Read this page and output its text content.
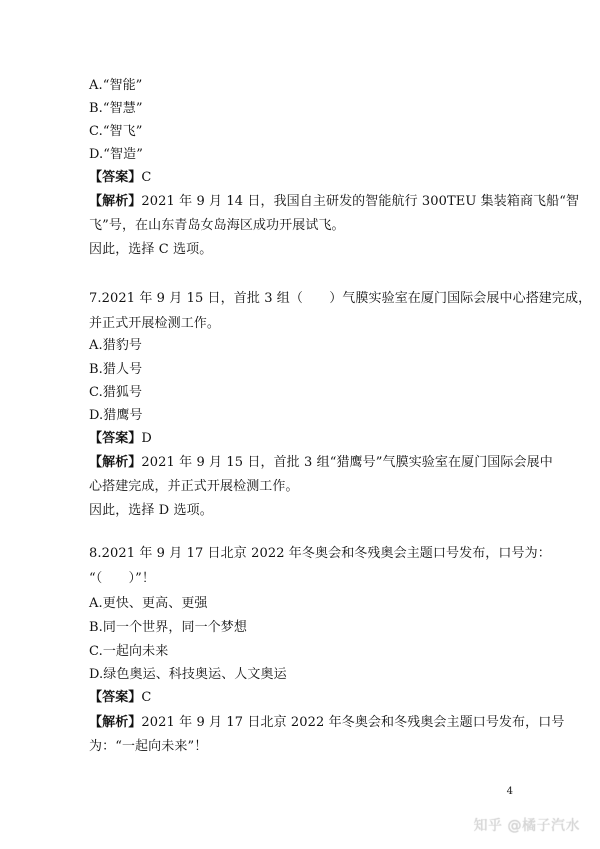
A.“智能”
B.“智慧”
C.“智飞”
D.“智造”
【答案】C
【解析】2021 年 9 月 14 日，我国自主研发的智能航行 300TEU 集装箱商飞船“智
飞”号，在山东青岛女岛海区成功开展试飞。
因此，选择 C 选项。
7.2021 年 9 月 15 日，首批 3 组（　　）气膜实验室在厦门国际会展中心搭建完成，
并正式开展检测工作。
A.猎豹号
B.猎人号
C.猎狐号
D.猎鹰号
【答案】D
【解析】2021 年 9 月 15 日，首批 3 组“猎鹰号”气膜实验室在厦门国际会展中
心搭建完成，并正式开展检测工作。
因此，选择 D 选项。
8.2021 年 9 月 17 日北京 2022 年冬奥会和冬残奥会主题口号发布，口号为：
“（　　）”！
A.更快、更高、更强
B.同一个世界，同一个梦想
C.一起向未来
D.绿色奥运、科技奥运、人文奥运
【答案】C
【解析】2021 年 9 月 17 日北京 2022 年冬奥会和冬残奥会主题口号发布，口号
为：“一起向未来”！
4
知乎 @橘子汽水
